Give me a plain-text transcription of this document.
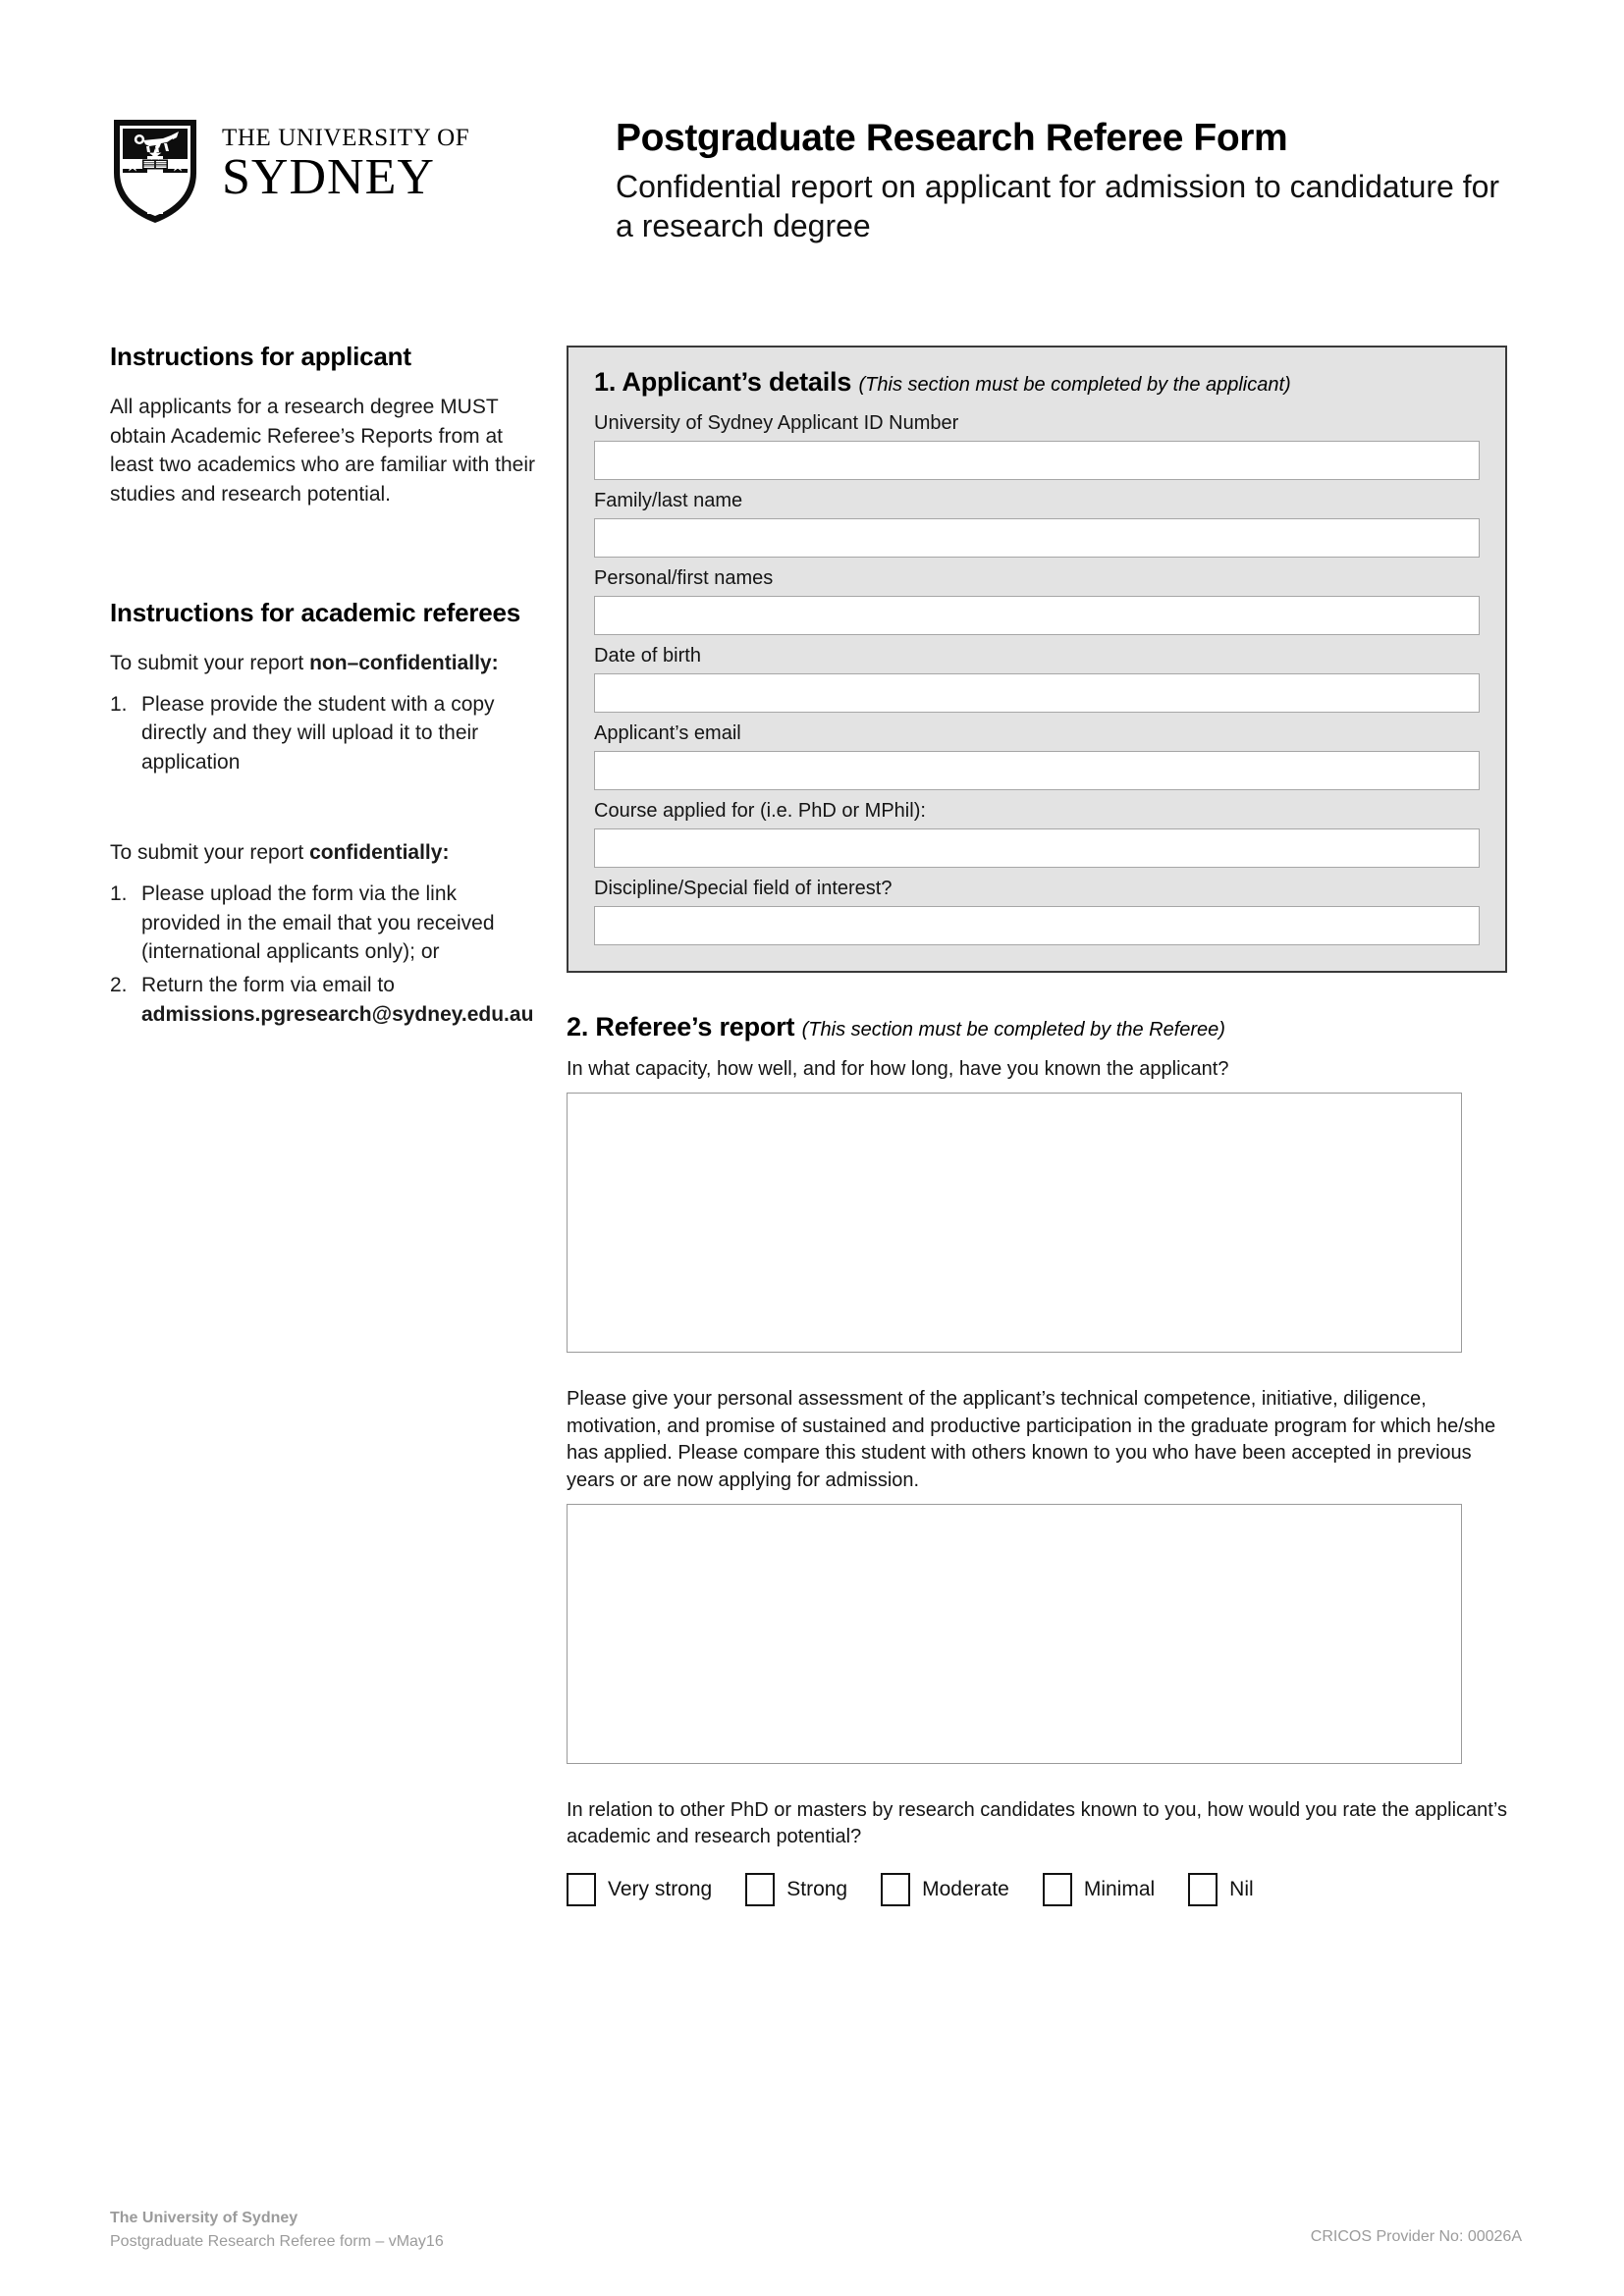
THE UNIVERSITY OF
SYDNEY
Postgraduate Research Referee Form

Confidential report on applicant for admission to candidature for a research degree

Instructions for applicant

All applicants for a research degree MUST obtain Academic Referee’s Reports from at least two academics who are familiar with their studies and research potential.

Instructions for academic referees

To submit your report non–confidentially:

1. Please provide the student with a copy directly and they will upload it to their application

To submit your report confidentially:

1. Please upload the form via the link provided in the email that you received (international applicants only); or
2. Return the form via email to admissions.pgresearch@sydney.edu.au
1. Applicant’s details (This section must be completed by the applicant)
University of Sydney Applicant ID Number
Family/last name
Personal/first names
Date of birth
Applicant’s email
Course applied for (i.e. PhD or MPhil):
Discipline/Special field of interest?
2. Referee’s report (This section must be completed by the Referee)

In what capacity, how well, and for how long, have you known the applicant?

Please give your personal assessment of the applicant’s technical competence, initiative, diligence, motivation, and promise of sustained and productive participation in the graduate program for which he/she has applied. Please compare this student with others known to you who have been accepted in previous years or are now applying for admission.

In relation to other PhD or masters by research candidates known to you, how would you rate the applicant’s academic and research potential?

Very strong	Strong	Moderate	Minimal	Nil
The University of Sydney
Postgraduate Research Referee form – vMay16	CRICOS Provider No: 00026A
